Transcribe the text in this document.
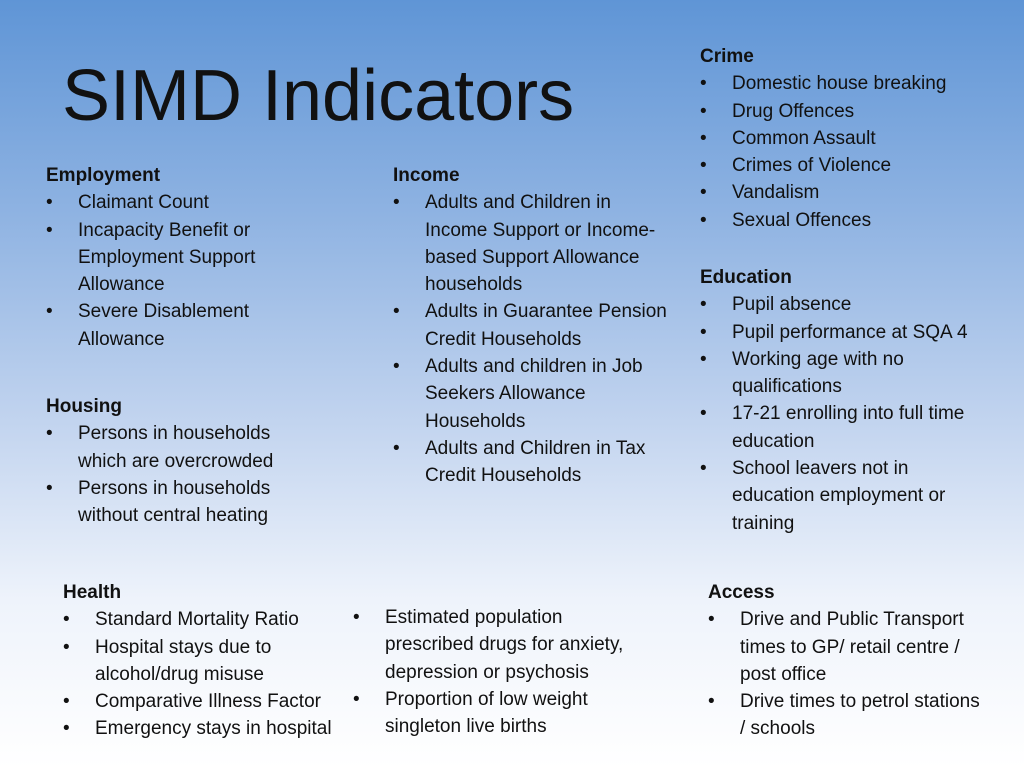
SIMD Indicators	Crime
• Domestic house breaking
• Drug Offences
• Common Assault
• Crimes of Violence
• Vandalism
• Sexual Offences
Education
• Pupil absence
• Pupil performance at SQA 4
• Working age with no qualifications
• 17-21 enrolling into full time education
• School leavers not in education employment or training
Employment
• Claimant Count
• Incapacity Benefit or Employment Support Allowance
• Severe Disablement Allowance
Income
• Adults and Children in Income Support or Income-based Support Allowance households
• Adults in Guarantee Pension Credit Households
• Adults and children in Job Seekers Allowance Households
• Adults and Children in Tax Credit Households
Housing
• Persons in households which are overcrowded
• Persons in households without central heating
Health
• Standard Mortality Ratio
• Hospital stays due to alcohol/drug misuse
• Comparative Illness Factor
• Emergency stays in hospital
• Estimated population prescribed drugs for anxiety, depression or psychosis
• Proportion of low weight singleton live births
Access
• Drive and Public Transport times to GP/ retail centre / post office
• Drive times to petrol stations / schools
